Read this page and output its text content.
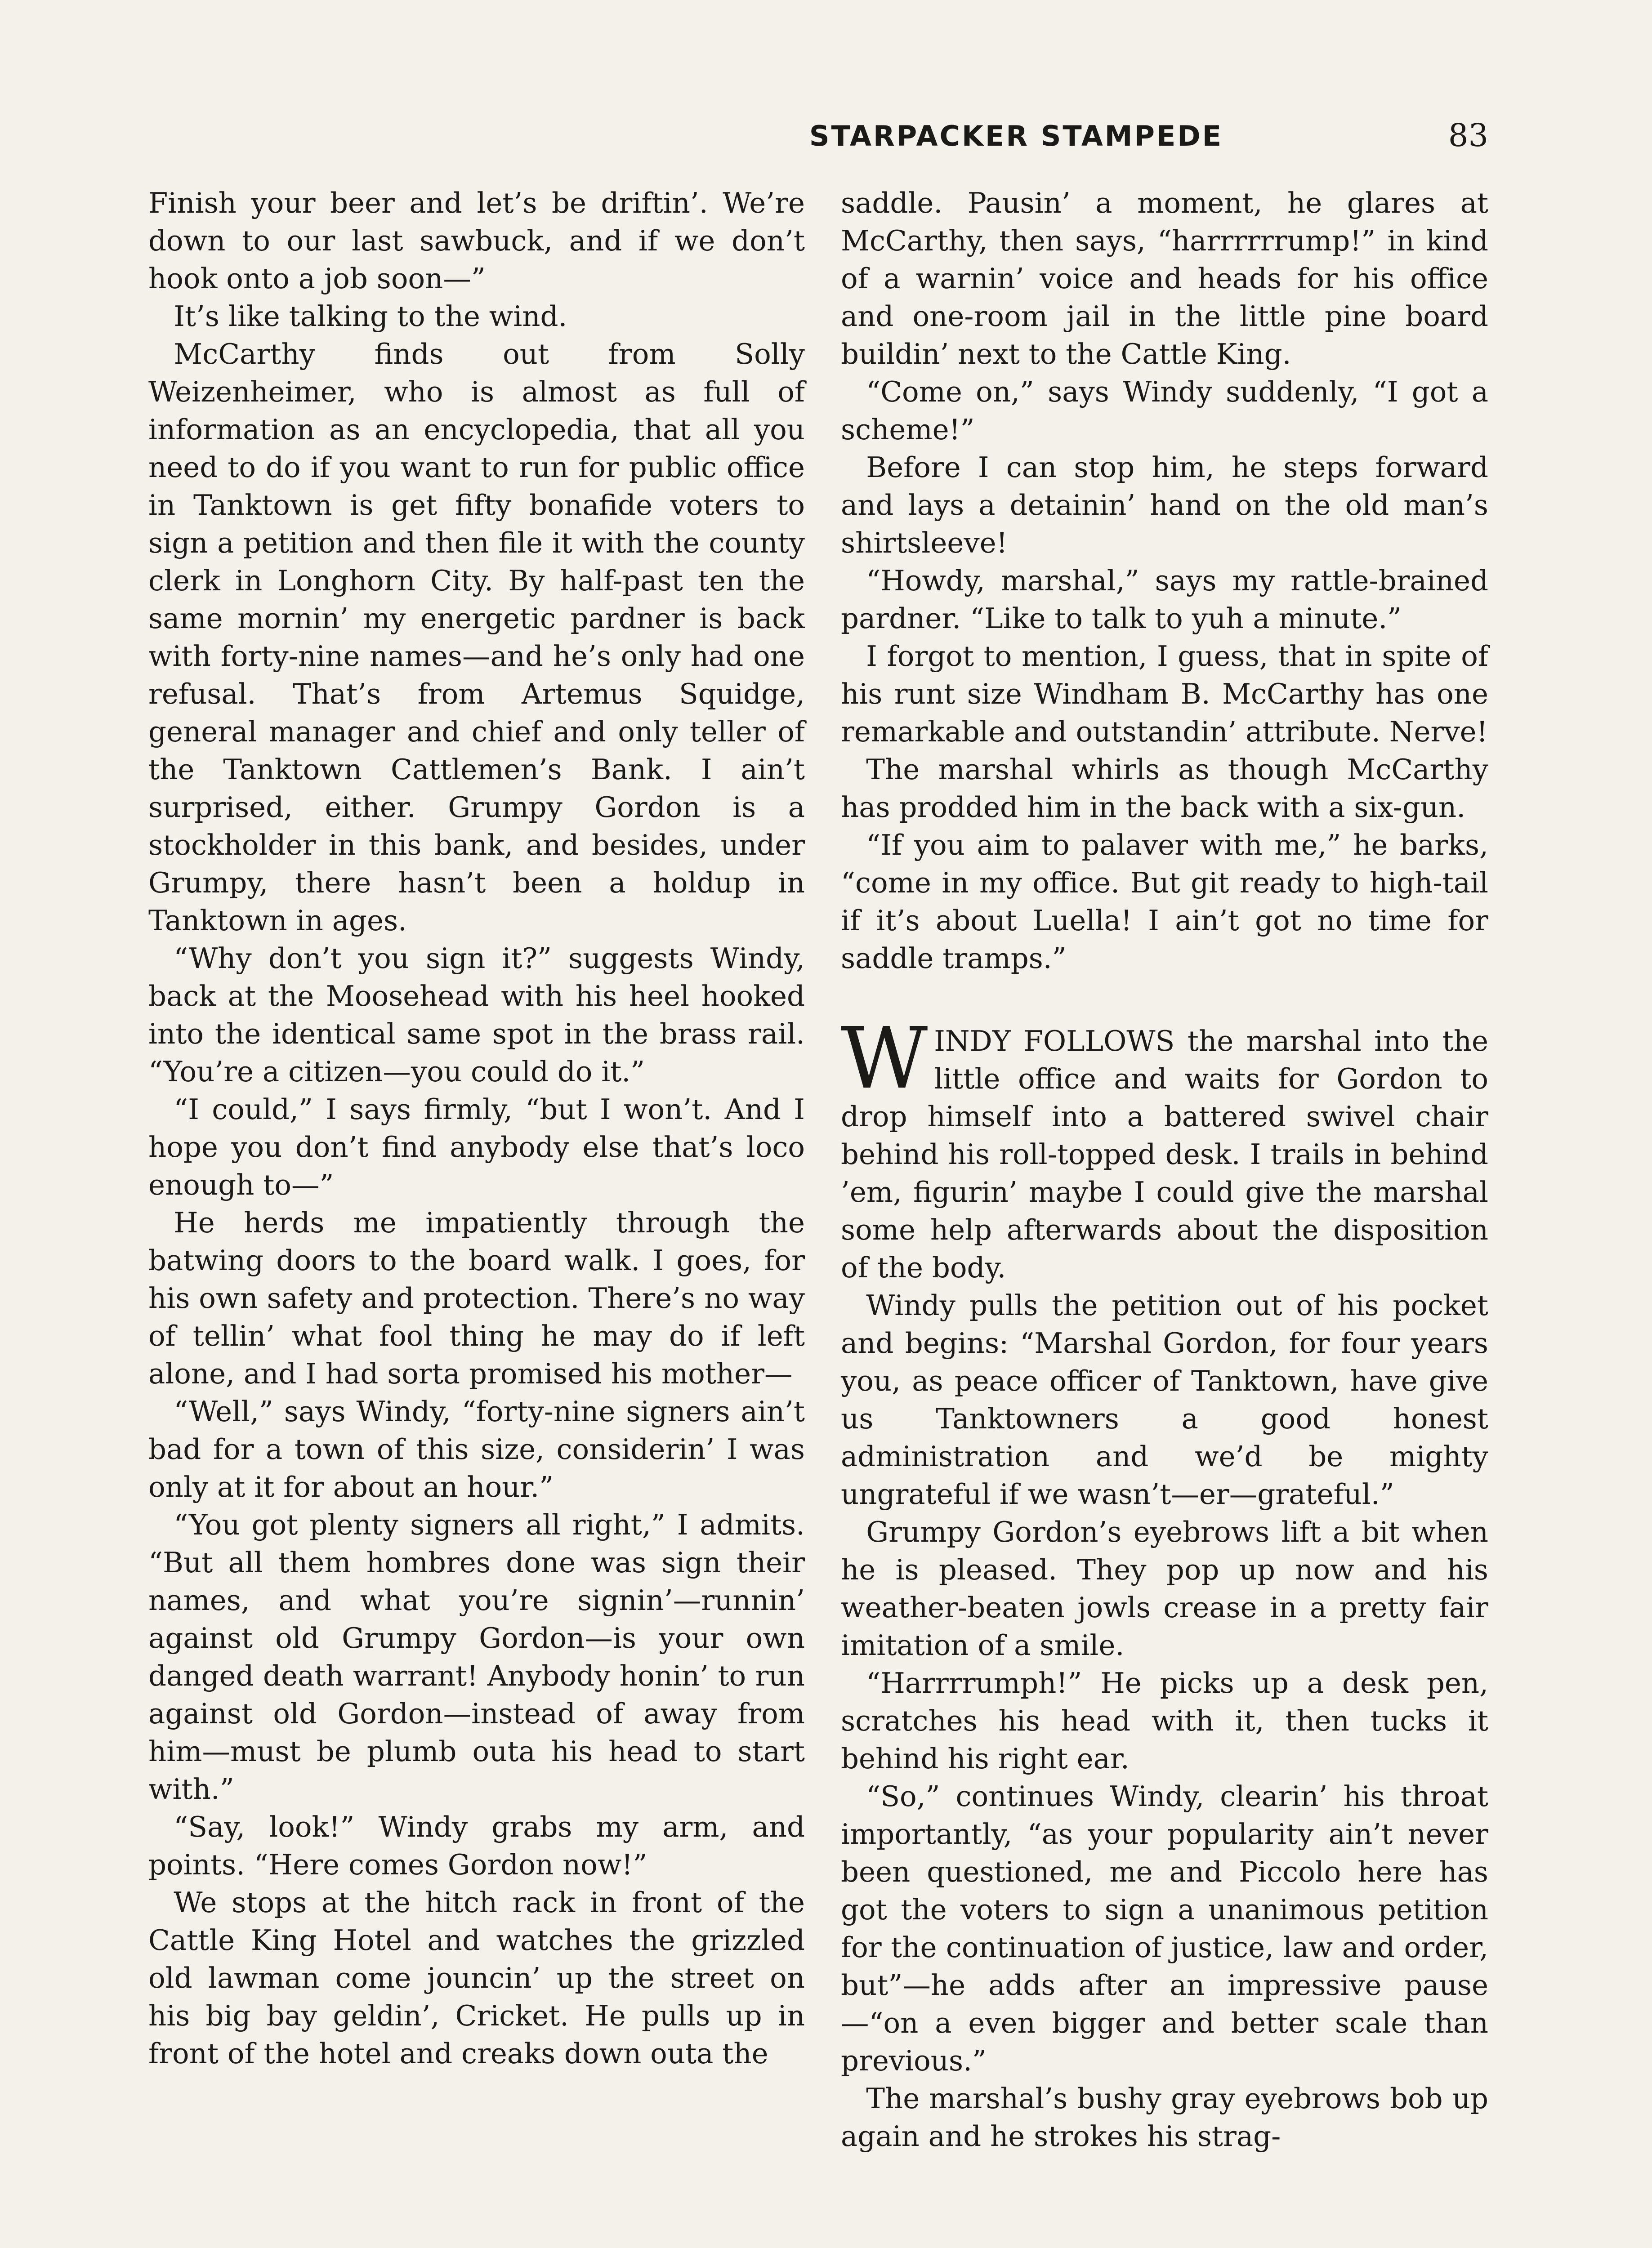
STARPACKER STAMPEDE	83

Finish your beer and let’s be driftin’. We’re down to our last sawbuck, and if we don’t hook onto a job soon—”

It’s like talking to the wind.

McCarthy finds out from Solly Weizenheimer, who is almost as full of information as an encyclopedia, that all you need to do if you want to run for public office in Tanktown is get fifty bonafide voters to sign a petition and then file it with the county clerk in Longhorn City. By half-past ten the same mornin’ my energetic pardner is back with forty-nine names—and he’s only had one refusal. That’s from Artemus Squidge, general manager and chief and only teller of the Tanktown Cattlemen’s Bank. I ain’t surprised, either. Grumpy Gordon is a stockholder in this bank, and besides, under Grumpy, there hasn’t been a holdup in Tanktown in ages.

“Why don’t you sign it?” suggests Windy, back at the Moosehead with his heel hooked into the identical same spot in the brass rail. “You’re a citizen—you could do it.”

“I could,” I says firmly, “but I won’t. And I hope you don’t find anybody else that’s loco enough to—”

He herds me impatiently through the batwing doors to the board walk. I goes, for his own safety and protection. There’s no way of tellin’ what fool thing he may do if left alone, and I had sorta promised his mother—

“Well,” says Windy, “forty-nine signers ain’t bad for a town of this size, considerin’ I was only at it for about an hour.”

“You got plenty signers all right,” I admits. “But all them hombres done was sign their names, and what you’re signin’—runnin’ against old Grumpy Gordon—is your own danged death warrant! Anybody honin’ to run against old Gordon—instead of away from him—must be plumb outa his head to start with.”

“Say, look!” Windy grabs my arm, and points. “Here comes Gordon now!”

We stops at the hitch rack in front of the Cattle King Hotel and watches the grizzled old lawman come jouncin’ up the street on his big bay geldin’, Cricket. He pulls up in front of the hotel and creaks down outa the

saddle. Pausin’ a moment, he glares at McCarthy, then says, “harrrrrrump!” in kind of a warnin’ voice and heads for his office and one-room jail in the little pine board buildin’ next to the Cattle King.

“Come on,” says Windy suddenly, “I got a scheme!”

Before I can stop him, he steps forward and lays a detainin’ hand on the old man’s shirtsleeve!

“Howdy, marshal,” says my rattle-brained pardner. “Like to talk to yuh a minute.”

I forgot to mention, I guess, that in spite of his runt size Windham B. McCarthy has one remarkable and outstandin’ attribute. Nerve!

The marshal whirls as though McCarthy has prodded him in the back with a six-gun.

“If you aim to palaver with me,” he barks, “come in my office. But git ready to high-tail if it’s about Luella! I ain’t got no time for saddle tramps.”

WINDY FOLLOWS the marshal into the little office and waits for Gordon to drop himself into a battered swivel chair behind his roll-topped desk. I trails in behind ’em, figurin’ maybe I could give the marshal some help afterwards about the disposition of the body.

Windy pulls the petition out of his pocket and begins: “Marshal Gordon, for four years you, as peace officer of Tanktown, have give us Tanktowners a good honest administration and we’d be mighty ungrateful if we wasn’t—er—grateful.”

Grumpy Gordon’s eyebrows lift a bit when he is pleased. They pop up now and his weather-beaten jowls crease in a pretty fair imitation of a smile.

“Harrrrumph!” He picks up a desk pen, scratches his head with it, then tucks it behind his right ear.

“So,” continues Windy, clearin’ his throat importantly, “as your popularity ain’t never been questioned, me and Piccolo here has got the voters to sign a unanimous petition for the continuation of justice, law and order, but”—he adds after an impressive pause—“on a even bigger and better scale than previous.”

The marshal’s bushy gray eyebrows bob up again and he strokes his strag-
